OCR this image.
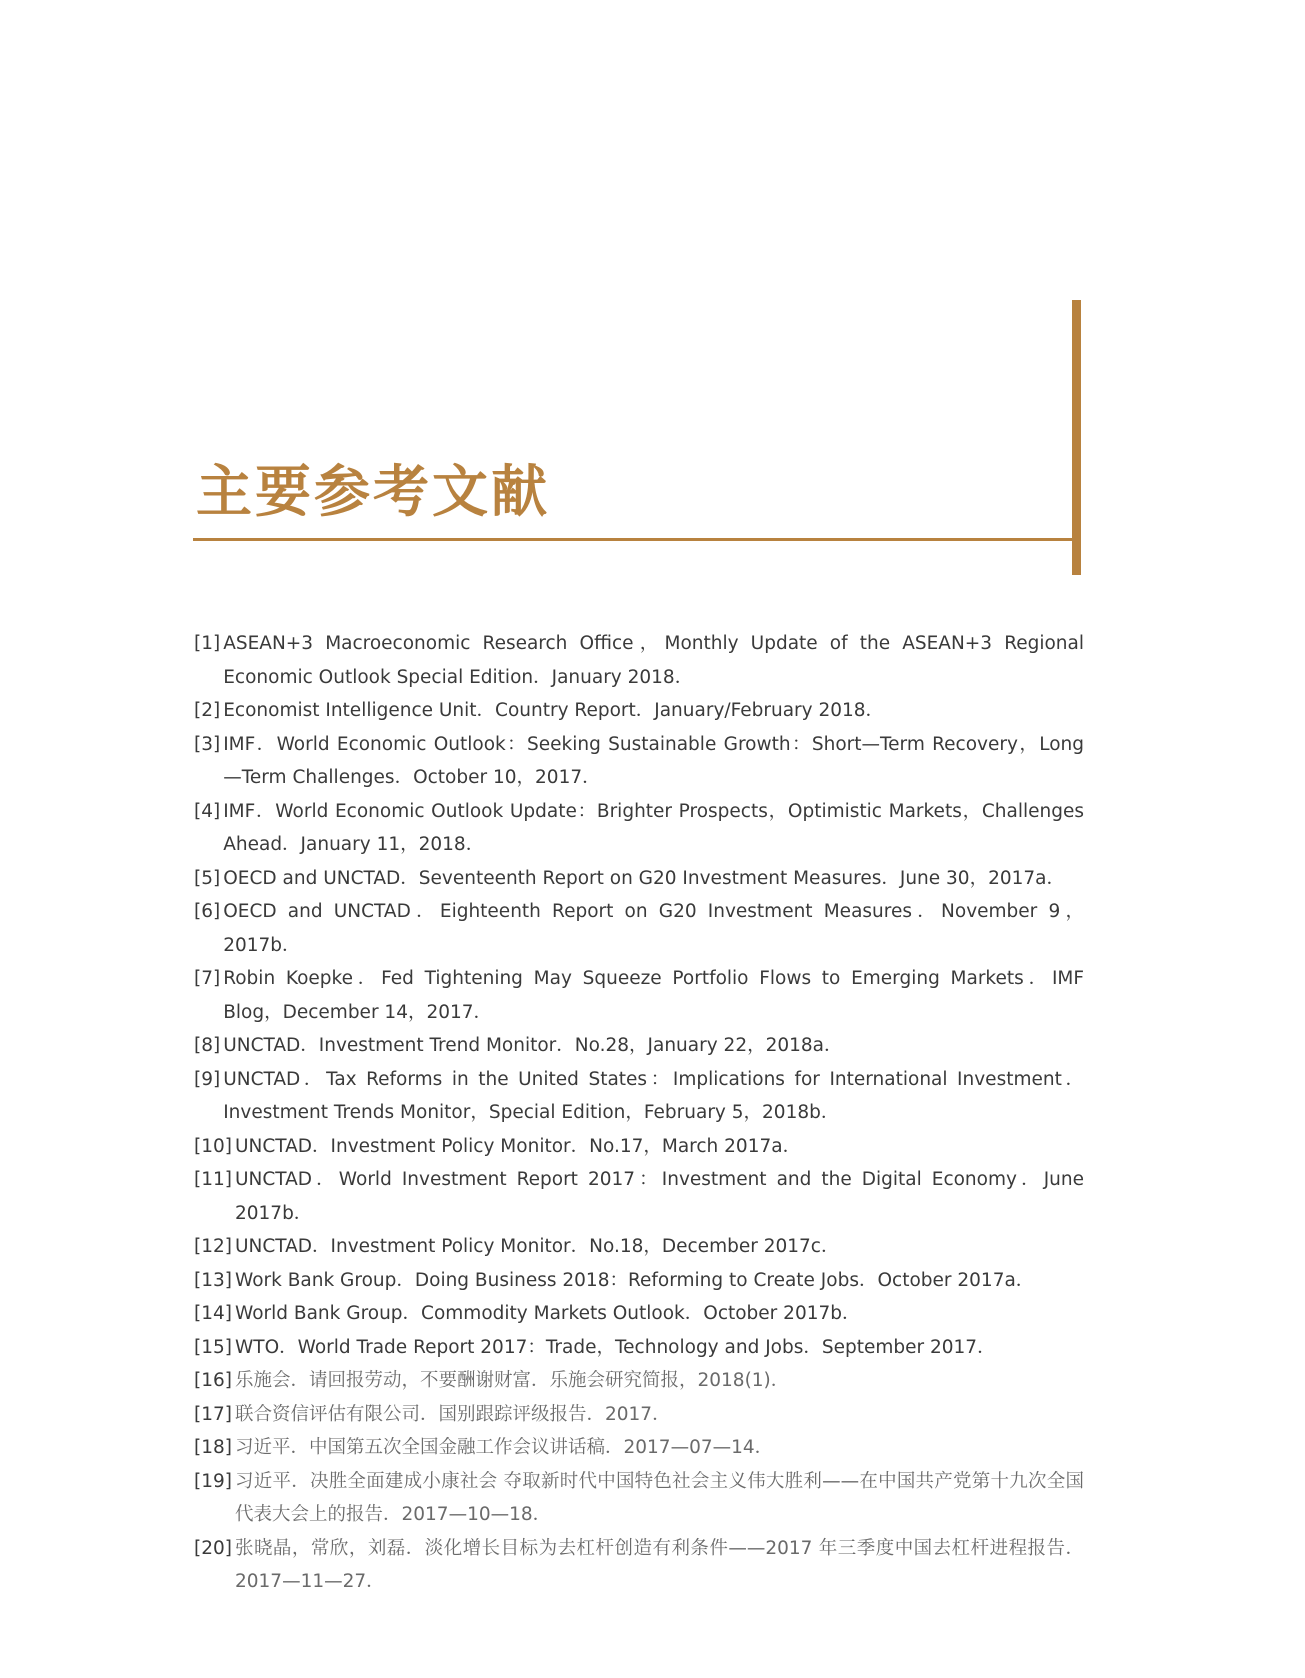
主要参考文献
[1] ASEAN+3 Macroeconomic Research Office，Monthly Update of the ASEAN+3 Regional Economic Outlook Special Edition．January 2018．
[2] Economist Intelligence Unit．Country Report．January/February 2018．
[3] IMF．World Economic Outlook：Seeking Sustainable Growth：Short—Term Recovery，Long—Term Challenges．October 10，2017．
[4] IMF．World Economic Outlook Update：Brighter Prospects，Optimistic Markets，Challenges Ahead．January 11，2018．
[5] OECD and UNCTAD．Seventeenth Report on G20 Investment Measures．June 30，2017a．
[6] OECD and UNCTAD．Eighteenth Report on G20 Investment Measures．November 9，2017b．
[7] Robin Koepke．Fed Tightening May Squeeze Portfolio Flows to Emerging Markets．IMF Blog，December 14，2017．
[8] UNCTAD．Investment Trend Monitor．No.28，January 22，2018a．
[9] UNCTAD．Tax Reforms in the United States：Implications for International Investment．Investment Trends Monitor，Special Edition，February 5，2018b．
[10] UNCTAD．Investment Policy Monitor．No.17，March 2017a．
[11] UNCTAD．World Investment Report 2017：Investment and the Digital Economy．June 2017b．
[12] UNCTAD．Investment Policy Monitor．No.18，December 2017c．
[13] Work Bank Group．Doing Business 2018：Reforming to Create Jobs．October 2017a．
[14] World Bank Group．Commodity Markets Outlook．October 2017b．
[15] WTO．World Trade Report 2017：Trade，Technology and Jobs．September 2017．
[16] 乐施会．请回报劳动，不要酬谢财富．乐施会研究简报，2018(1)．
[17] 联合资信评估有限公司．国别跟踪评级报告．2017．
[18] 习近平．中国第五次全国金融工作会议讲话稿．2017—07—14．
[19] 习近平．决胜全面建成小康社会 夺取新时代中国特色社会主义伟大胜利——在中国共产党第十九次全国代表大会上的报告．2017—10—18．
[20] 张晓晶，常欣，刘磊．淡化增长目标为去杠杆创造有利条件——2017 年三季度中国去杠杆进程报告．2017—11—27．
